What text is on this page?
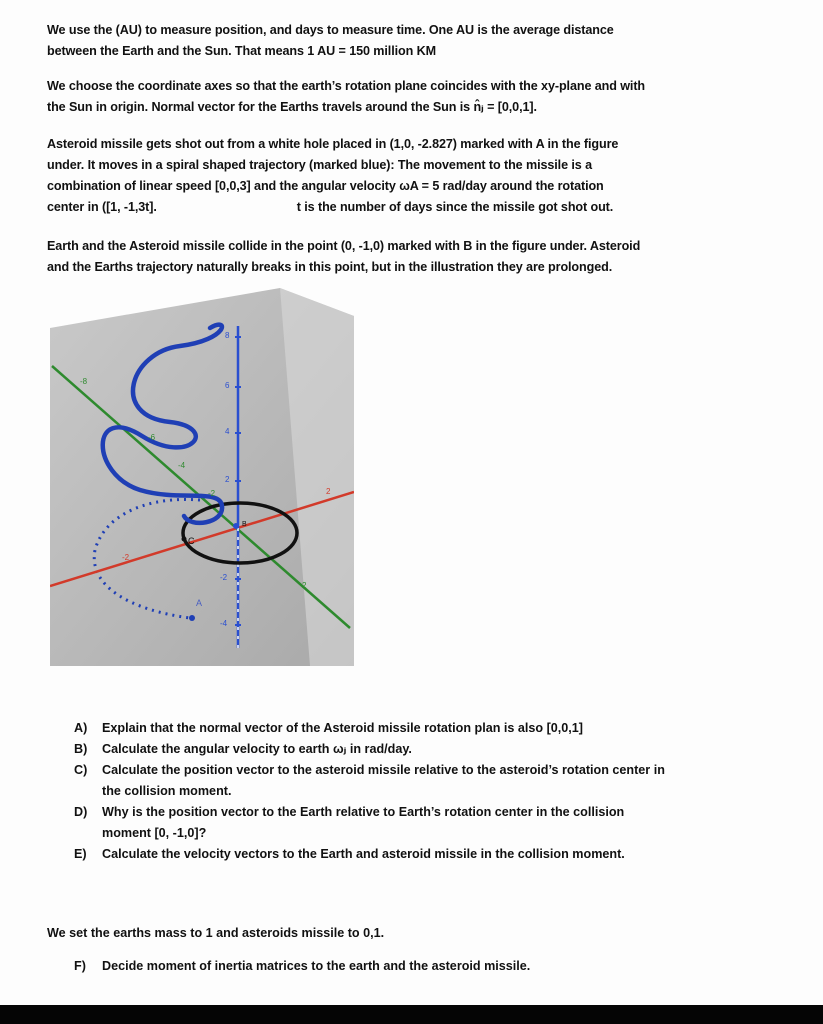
We use the (AU) to measure position, and days to measure time. One AU is the average distance
between the Earth and the Sun. That means 1 AU = 150 million KM
We choose the coordinate axes so that the earth’s rotation plane coincides with the xy-plane and with
the Sun in origin. Normal vector for the Earths travels around the Sun is n̂ⱼ = [0,0,1].
Asteroid missile gets shot out from a white hole placed in (1,0, -2.827) marked with A in the figure
under. It moves in a spiral shaped trajectory (marked blue): The movement to the missile is a
combination of linear speed [0,0,3] and the angular velocity ωA = 5 rad/day around the rotation
center in ([1, -1,3t].	t is the number of days since the missile got shot out.
Earth and the Asteroid missile collide in the point (0, -1,0) marked with B in the figure under. Asteroid
and the Earths trajectory naturally breaks in this point, but in the illustration they are prolonged.
8
6
4
2
-2
-4
-8
-6
-4
-2
2
-2
2
A
C
B
A) Explain that the normal vector of the Asteroid missile rotation plan is also [0,0,1]
B) Calculate the angular velocity to earth ωⱼ in rad/day.
C) Calculate the position vector to the asteroid missile relative to the asteroid’s rotation center in
the collision moment.
D) Why is the position vector to the Earth relative to Earth’s rotation center in the collision
moment [0, -1,0]?
E) Calculate the velocity vectors to the Earth and asteroid missile in the collision moment.
We set the earths mass to 1 and asteroids missile to 0,1.
F)	Decide moment of inertia matrices to the earth and the asteroid missile.
